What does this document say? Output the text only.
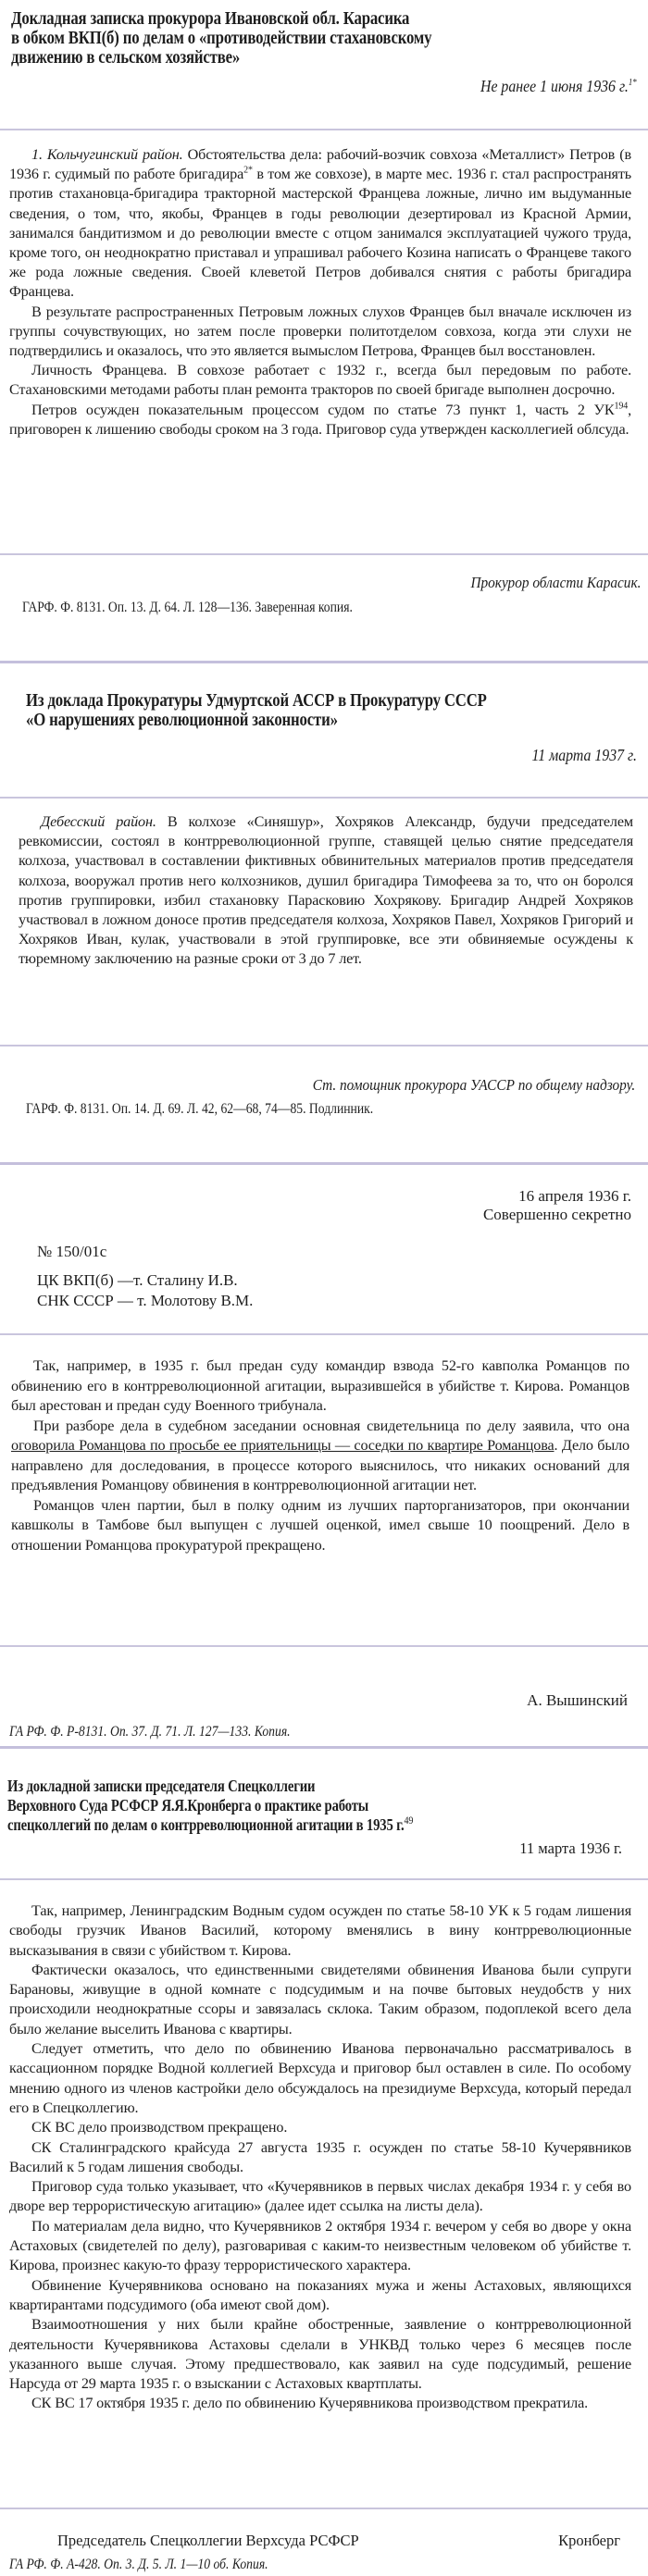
Докладная записка прокурора Ивановской обл. Карасика
в обком ВКП(б) по делам о «противодействии стахановскому
движению в сельском хозяйстве»
Не ранее 1 июня 1936 г.$^{1*}$

1. Кольчугинский район. Обстоятельства дела: рабочий-возчик совхоза «Металлист» Петров (в 1936 г. судимый по работе бригадира$^{2*}$ в том же совхозе), в марте мес. 1936 г. стал распространять против стахановца-бригадира тракторной мастерской Францева ложные, лично им выдуманные сведения, о том, что, якобы, Францев в годы революции дезертировал из Красной Армии, занимался бандитизмом и до революции вместе с отцом занимался эксплуатацией чужого труда, кроме того, он неоднократно приставал и упрашивал рабочего Козина написать о Францеве такого же рода ложные сведения. Своей клеветой Петров добивался снятия с работы бригадира Францева.

В результате распространенных Петровым ложных слухов Францев был вначале исключен из группы сочувствующих, но затем после проверки политотделом совхоза, когда эти слухи не подтвердились и оказалось, что это является вымыслом Петрова, Францев был восстановлен.

Личность Францева. В совхозе работает с 1932 г., всегда был передовым по работе. Стахановскими методами работы план ремонта тракторов по своей бригаде выполнен досрочно.

Петров осужден показательным процессом судом по статье 73 пункт 1, часть 2 УК$^{194}$, приговорен к лишению свободы сроком на 3 года. Приговор суда утвержден касколлегией облсуда.

Прокурор области Карасик.
ГАРФ. Ф. 8131. Оп. 13. Д. 64. Л. 128—136. Заверенная копия.
Из доклада Прокуратуры Удмуртской АССР в Прокуратуру СССР
«О нарушениях революционной законности»
11 марта 1937 г.

Дебесский район. В колхозе «Синяшур», Хохряков Александр, будучи председателем ревкомиссии, состоял в контрреволюционной группе, ставящей целью снятие председателя колхоза, участвовал в составлении фиктивных обвинительных материалов против председателя колхоза, вооружал против него колхозников, душил бригадира Тимофеева за то, что он боролся против группировки, избил стахановку Парасковию Хохрякову. Бригадир Андрей Хохряков участвовал в ложном доносе против председателя колхоза, Хохряков Павел, Хохряков Григорий и Хохряков Иван, кулак, участвовали в этой группировке, все эти обвиняемые осуждены к тюремному заключению на разные сроки от 3 до 7 лет.

Ст. помощник прокурора УАССР по общему надзору.
ГАРФ. Ф. 8131. Оп. 14. Д. 69. Л. 42, 62—68, 74—85. Подлинник.
16 апреля 1936 г.
Совершенно секретно
№ 150/01с
ЦК ВКП(б) —т. Сталину И.В.
СНК СССР — т. Молотову В.М.

Так, например, в 1935 г. был предан суду командир взвода 52-го кавполка Романцов по обвинению его в контрреволюционной агитации, выразившейся в убийстве т. Кирова. Романцов был арестован и предан суду Военного трибунала.

При разборе дела в судебном заседании основная свидетельница по делу заявила, что она оговорила Романцова по просьбе ее приятельницы — соседки по квартире Романцова. Дело было направлено для доследования, в процессе которого выяснилось, что никаких оснований для предъявления Романцову обвинения в контрреволюционной агитации нет.

Романцов член партии, был в полку одним из лучших парторганизаторов, при окончании кавшколы в Тамбове был выпущен с лучшей оценкой, имел свыше 10 поощрений. Дело в отношении Романцова прокуратурой прекращено.

А. Вышинский
ГА РФ. Ф. Р-8131. Оп. 37. Д. 71. Л. 127—133. Копия.
Из докладной записки председателя Спецколлегии
Верховного Суда РСФСР Я.Я.Кронберга о практике работы
спецколлегий по делам о контрреволюционной агитации в 1935 г.$^{49}$
11 марта 1936 г.

Так, например, Ленинградским Водным судом осужден по статье 58-10 УК к 5 годам лишения свободы грузчик Иванов Василий, которому вменялись в вину контрреволюционные высказывания в связи с убийством т. Кирова.

Фактически оказалось, что единственными свидетелями обвинения Иванова были супруги Барановы, живущие в одной комнате с подсудимым и на почве бытовых неудобств у них происходили неоднократные ссоры и завязалась склока. Таким образом, подоплекой всего дела было желание выселить Иванова с квартиры.

Следует отметить, что дело по обвинению Иванова первоначально рассматривалось в кассационном порядке Водной коллегией Верхсуда и приговор был оставлен в силе. По особому мнению одного из членов кастройки дело обсуждалось на президиуме Верхсуда, который передал его в Спецколлегию.

СК ВС дело производством прекращено.

СК Сталинградского крайсуда 27 августа 1935 г. осужден по статье 58-10 Кучерявников Василий к 5 годам лишения свободы.

Приговор суда только указывает, что «Кучерявников в первых числах декабря 1934 г. у себя во дворе вер террористическую агитацию» (далее идет ссылка на листы дела).

По материалам дела видно, что Кучерявников 2 октября 1934 г. вечером у себя во дворе у окна Астаховых (свидетелей по делу), разговаривая с каким-то неизвестным человеком об убийстве т. Кирова, произнес какую-то фразу террористического характера.

Обвинение Кучерявникова основано на показаниях мужа и жены Астаховых, являющихся квартирантами подсудимого (оба имеют свой дом).

Взаимоотношения у них были крайне обостренные, заявление о контрреволюционной деятельности Кучерявникова Астаховы сделали в УНКВД только через 6 месяцев после указанного выше случая. Этому предшествовало, как заявил на суде подсудимый, решение Нарсуда от 29 марта 1935 г. о взыскании с Астаховых квартплаты.

СК ВС 17 октября 1935 г. дело по обвинению Кучерявникова производством прекратила.

Председатель Спецколлегии Верхсуда РСФСР	Кронберг
ГА РФ. Ф. А-428. Оп. 3. Д. 5. Л. 1—10 об. Копия.
